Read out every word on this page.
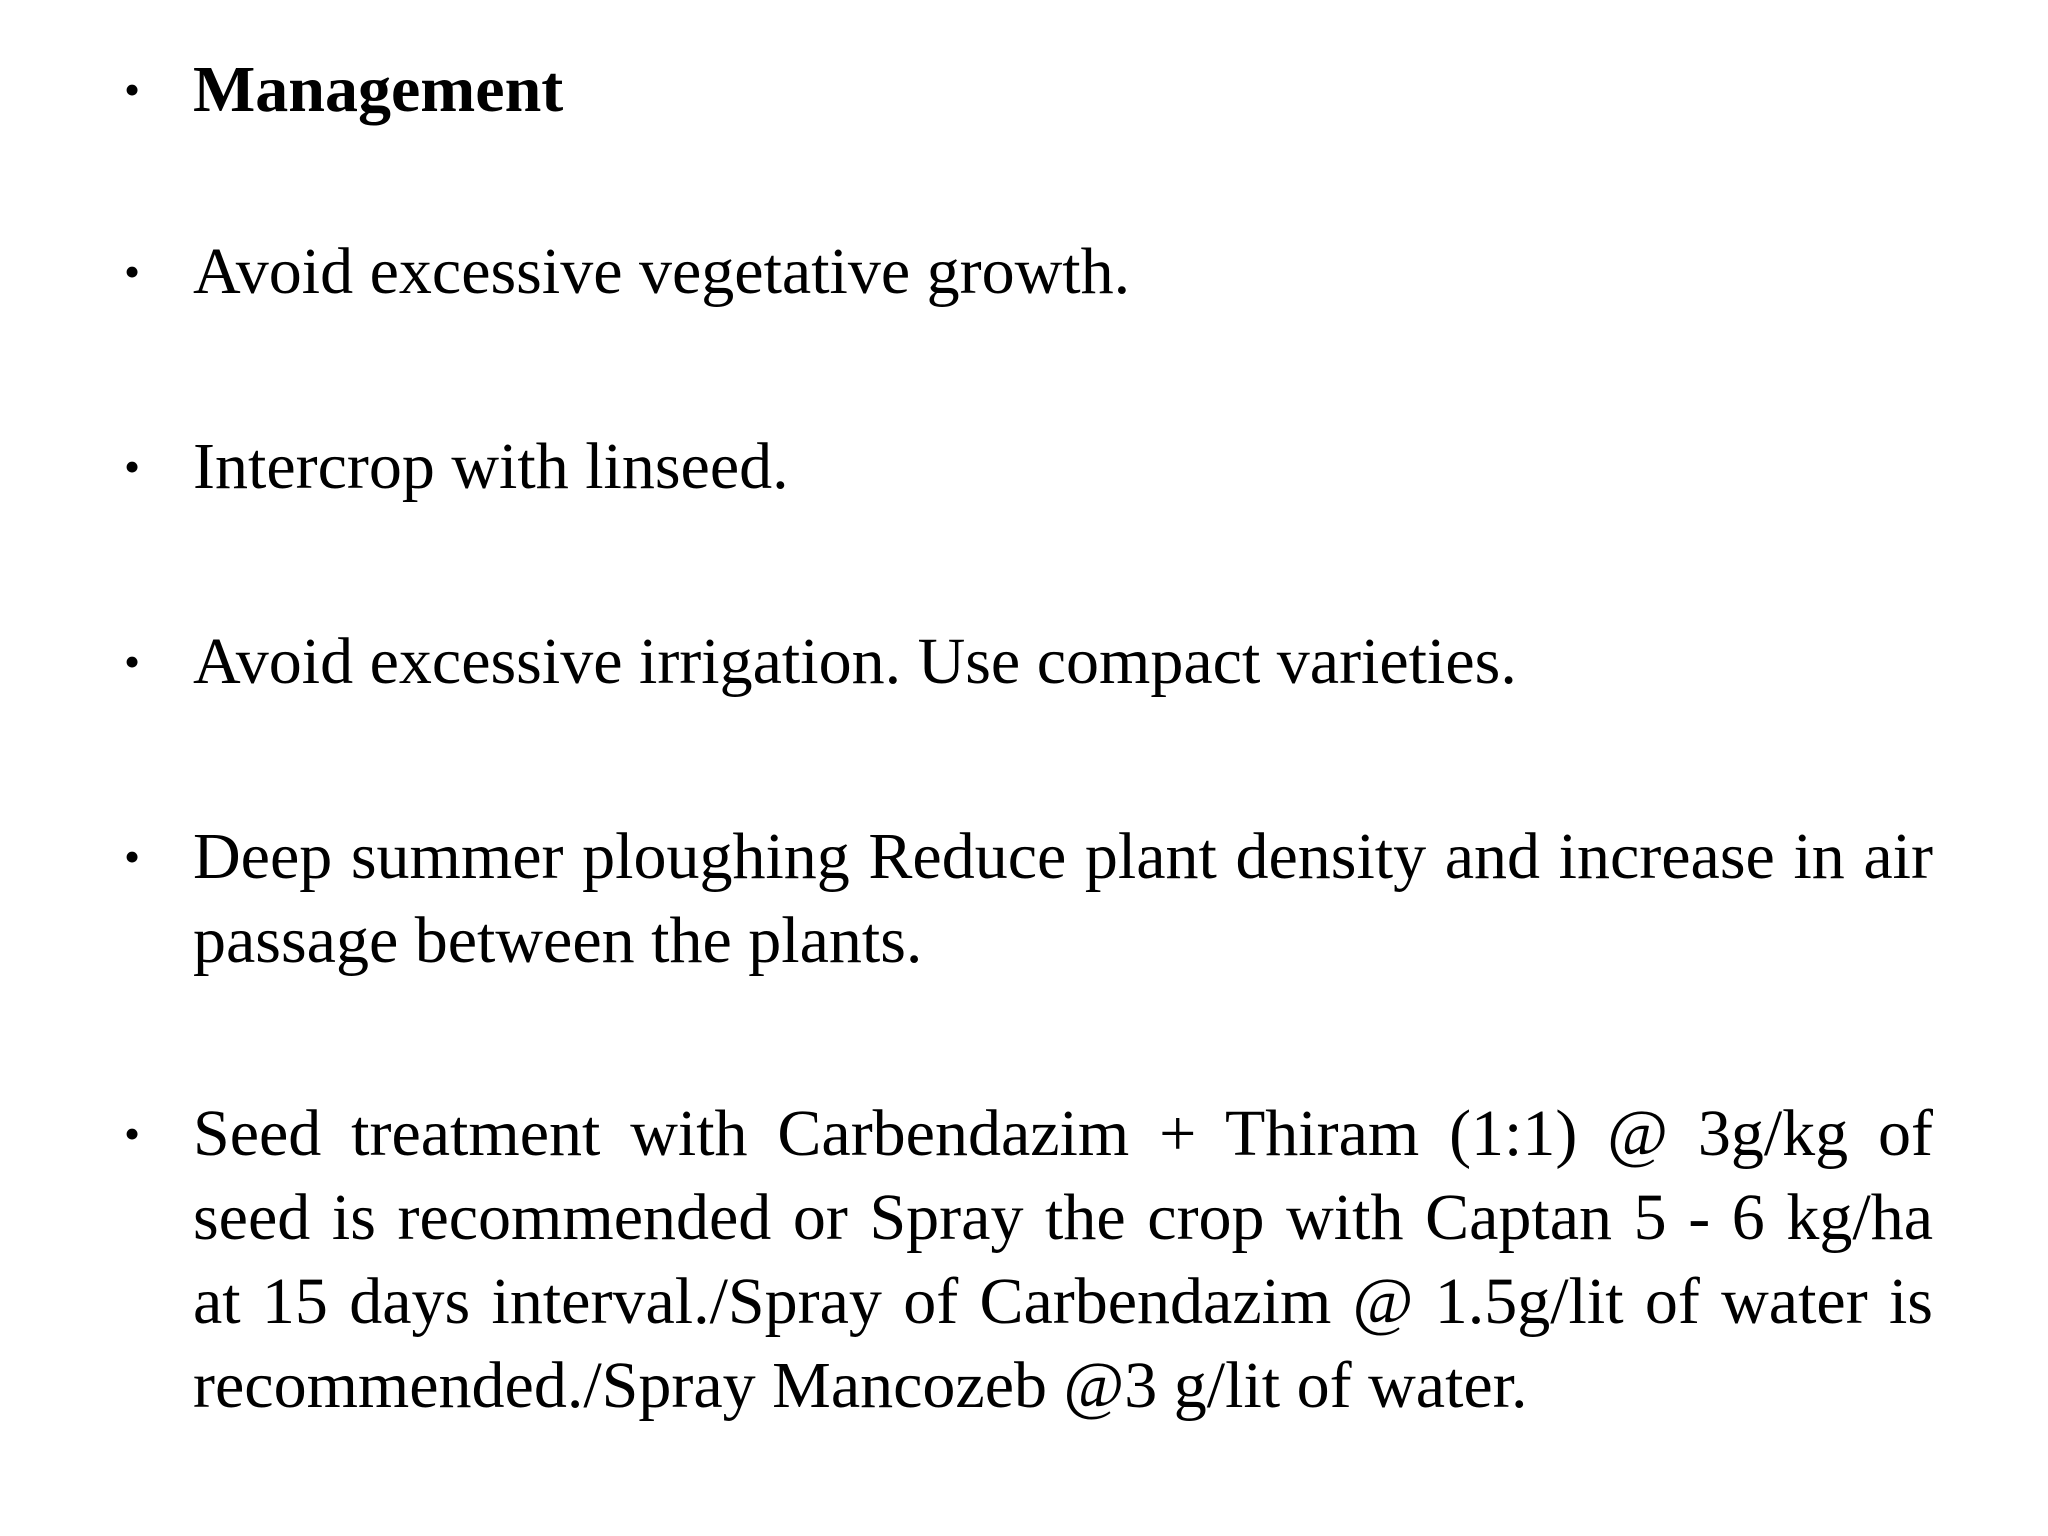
• Management

• Avoid excessive vegetative growth.

• Intercrop with linseed.

• Avoid excessive irrigation. Use compact varieties.

• Deep summer ploughing Reduce plant density and increase in air passage between the plants.

• Seed treatment with Carbendazim + Thiram (1:1) @ 3g/kg of seed is recommended or Spray the crop with Captan 5 - 6 kg/ha at 15 days interval./Spray of Carbendazim @ 1.5g/lit of water is recommended./Spray Mancozeb @3 g/lit of water.
